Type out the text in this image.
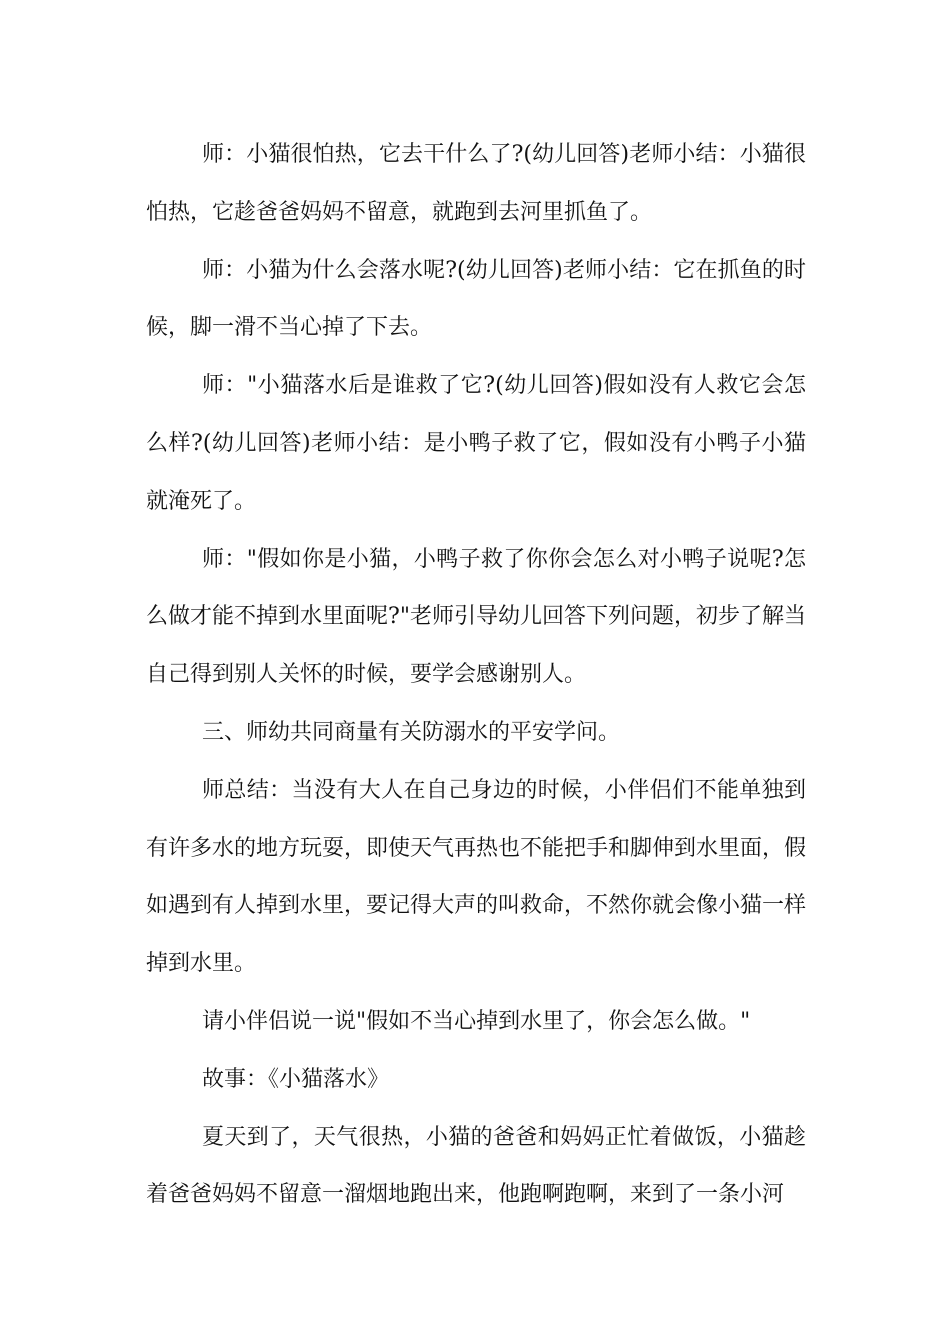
师：小猫很怕热，它去干什么了?(幼儿回答)老师小结：小猫很怕热，它趁爸爸妈妈不留意，就跑到去河里抓鱼了。

师：小猫为什么会落水呢?(幼儿回答)老师小结：它在抓鱼的时候，脚一滑不当心掉了下去。

师："小猫落水后是谁救了它?(幼儿回答)假如没有人救它会怎么样?(幼儿回答)老师小结：是小鸭子救了它，假如没有小鸭子小猫就淹死了。

师："假如你是小猫，小鸭子救了你你会怎么对小鸭子说呢?怎么做才能不掉到水里面呢?"老师引导幼儿回答下列问题，初步了解当自己得到别人关怀的时候，要学会感谢别人。

三、师幼共同商量有关防溺水的平安学问。

师总结：当没有大人在自己身边的时候，小伴侣们不能单独到有许多水的地方玩耍，即使天气再热也不能把手和脚伸到水里面，假如遇到有人掉到水里，要记得大声的叫救命，不然你就会像小猫一样掉到水里。

请小伴侣说一说"假如不当心掉到水里了，你会怎么做。"

故事：《小猫落水》

夏天到了，天气很热，小猫的爸爸和妈妈正忙着做饭，小猫趁着爸爸妈妈不留意一溜烟地跑出来，他跑啊跑啊，来到了一条小河
